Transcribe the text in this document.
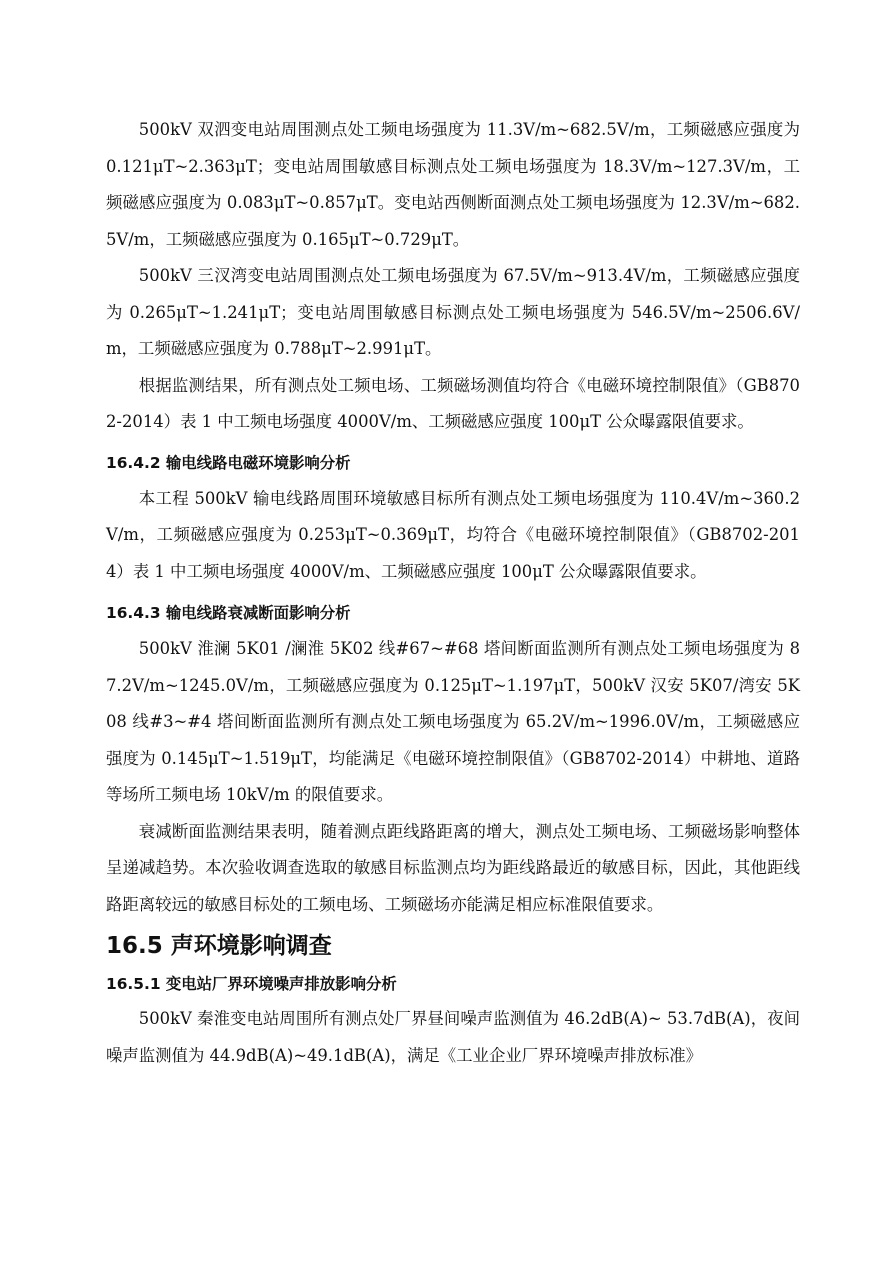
500kV 双泗变电站周围测点处工频电场强度为 11.3V/m~682.5V/m，工频磁感应强度为 0.121μT~2.363μT；变电站周围敏感目标测点处工频电场强度为 18.3V/m~127.3V/m，工频磁感应强度为 0.083μT~0.857μT。变电站西侧断面测点处工频电场强度为 12.3V/m~682.5V/m，工频磁感应强度为 0.165μT~0.729μT。

500kV 三汊湾变电站周围测点处工频电场强度为 67.5V/m~913.4V/m，工频磁感应强度为 0.265μT~1.241μT；变电站周围敏感目标测点处工频电场强度为 546.5V/m~2506.6V/m，工频磁感应强度为 0.788μT~2.991μT。

根据监测结果，所有测点处工频电场、工频磁场测值均符合《电磁环境控制限值》（GB8702-2014）表 1 中工频电场强度 4000V/m、工频磁感应强度 100μT 公众曝露限值要求。

16.4.2 输电线路电磁环境影响分析

本工程 500kV 输电线路周围环境敏感目标所有测点处工频电场强度为 110.4V/m~360.2V/m，工频磁感应强度为 0.253μT~0.369μT，均符合《电磁环境控制限值》（GB8702-2014）表 1 中工频电场强度 4000V/m、工频磁感应强度 100μT 公众曝露限值要求。

16.4.3 输电线路衰减断面影响分析

500kV 淮澜 5K01 /澜淮 5K02 线#67~#68 塔间断面监测所有测点处工频电场强度为 87.2V/m~1245.0V/m，工频磁感应强度为 0.125μT~1.197μT，500kV 汉安 5K07/湾安 5K08 线#3~#4 塔间断面监测所有测点处工频电场强度为 65.2V/m~1996.0V/m，工频磁感应强度为 0.145μT~1.519μT，均能满足《电磁环境控制限值》（GB8702-2014）中耕地、道路等场所工频电场 10kV/m 的限值要求。

衰减断面监测结果表明，随着测点距线路距离的增大，测点处工频电场、工频磁场影响整体呈递减趋势。本次验收调查选取的敏感目标监测点均为距线路最近的敏感目标，因此，其他距线路距离较远的敏感目标处的工频电场、工频磁场亦能满足相应标准限值要求。

16.5 声环境影响调查
16.5.1 变电站厂界环境噪声排放影响分析

500kV 秦淮变电站周围所有测点处厂界昼间噪声监测值为 46.2dB(A)~ 53.7dB(A)，夜间噪声监测值为 44.9dB(A)~49.1dB(A)，满足《工业企业厂界环境噪声排放标准》
